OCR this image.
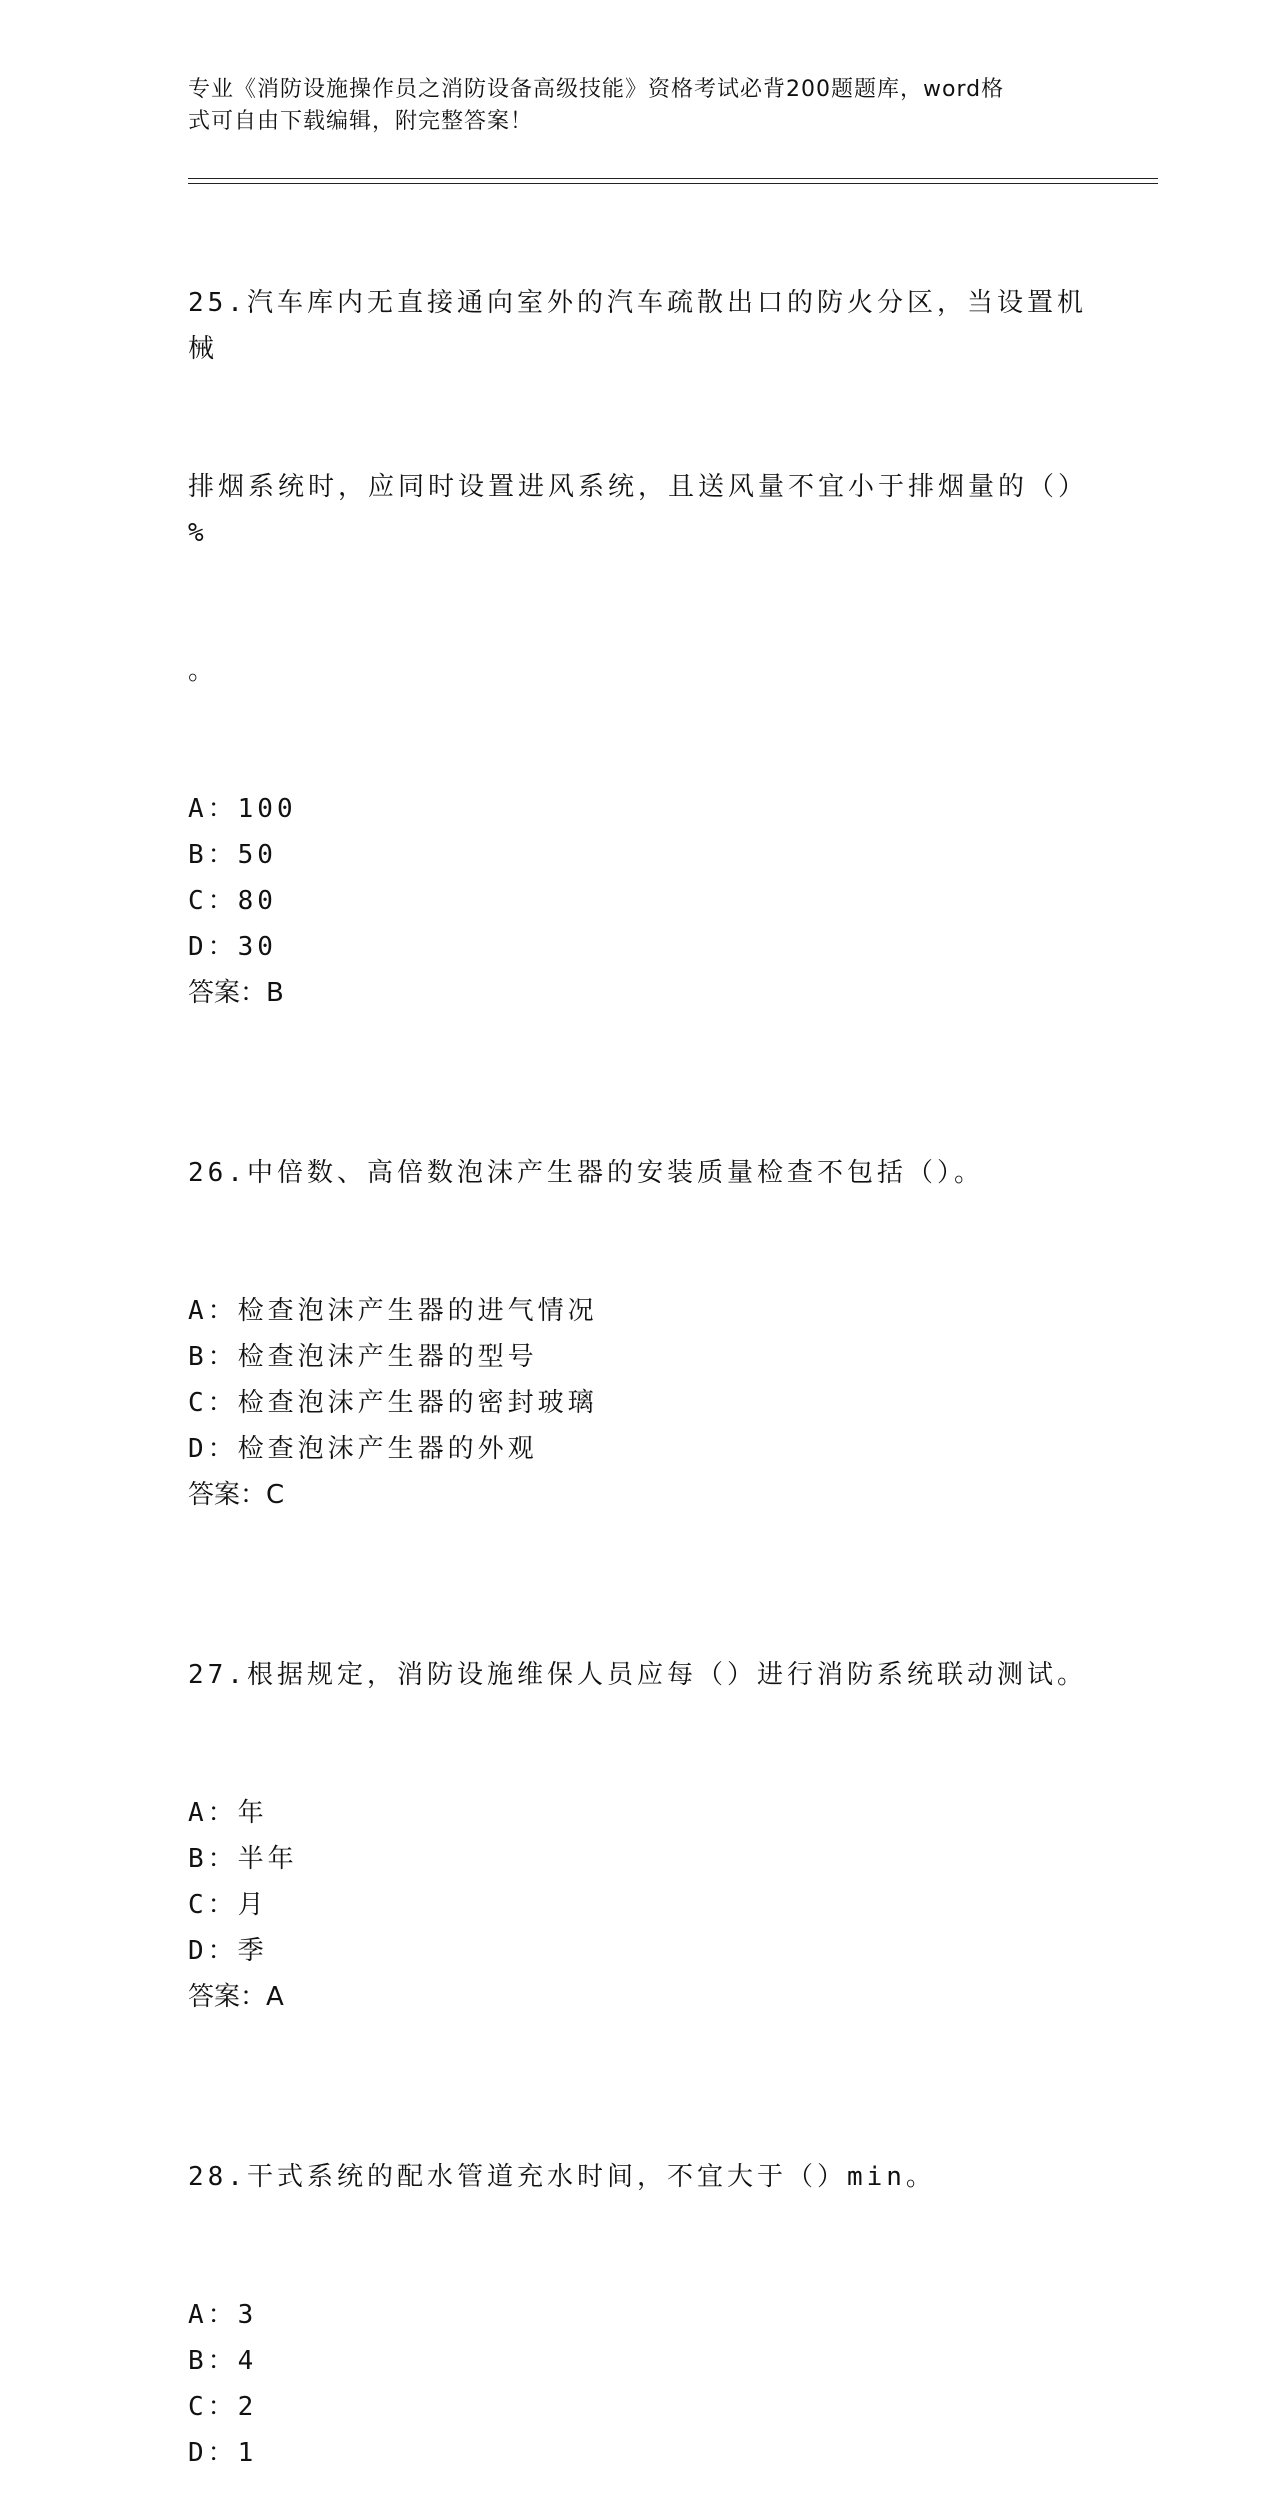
专业《消防设施操作员之消防设备高级技能》资格考试必背200题题库，word格
式可自由下载编辑，附完整答案！

25.汽车库内无直接通向室外的汽车疏散出口的防火分区，当设置机械

排烟系统时，应同时设置进风系统，且送风量不宜小于排烟量的（）%

。

A：100
B：50
C：80
D：30
答案：B

26.中倍数、高倍数泡沫产生器的安装质量检查不包括（）。

A：检查泡沫产生器的进气情况
B：检查泡沫产生器的型号
C：检查泡沫产生器的密封玻璃
D：检查泡沫产生器的外观
答案：C

27.根据规定，消防设施维保人员应每（）进行消防系统联动测试。

A：年
B：半年
C：月
D：季
答案：A

28.干式系统的配水管道充水时间，不宜大于（）min。

A：3
B：4
C：2
D：1
